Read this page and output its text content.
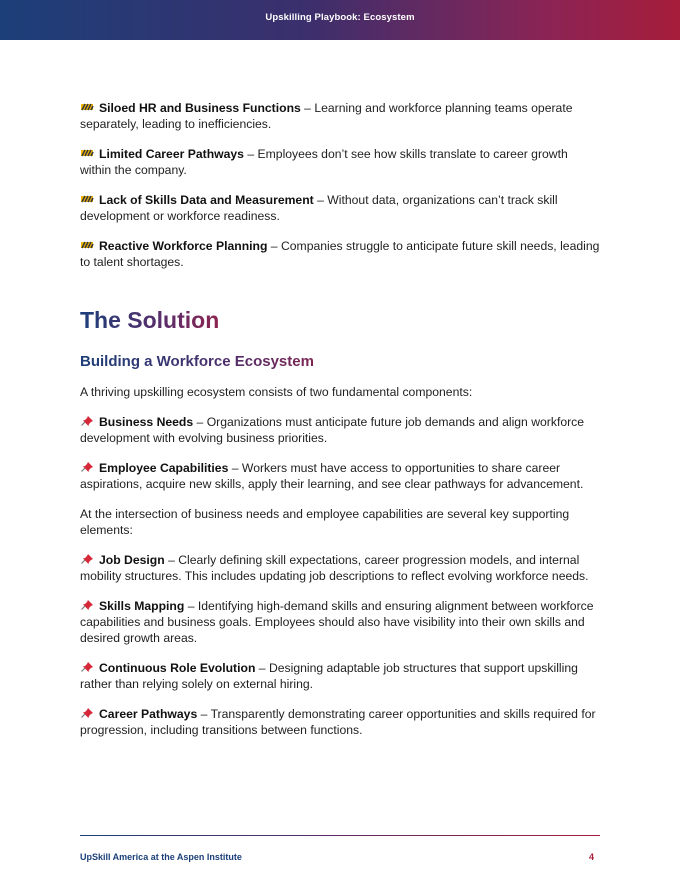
Upskilling Playbook: Ecosystem

Siloed HR and Business Functions – Learning and workforce planning teams operate separately, leading to inefficiencies.

Limited Career Pathways – Employees don’t see how skills translate to career growth within the company.

Lack of Skills Data and Measurement – Without data, organizations can’t track skill development or workforce readiness.

Reactive Workforce Planning – Companies struggle to anticipate future skill needs, leading to talent shortages.

The Solution
Building a Workforce Ecosystem

A thriving upskilling ecosystem consists of two fundamental components:

Business Needs – Organizations must anticipate future job demands and align workforce development with evolving business priorities.

Employee Capabilities – Workers must have access to opportunities to share career aspirations, acquire new skills, apply their learning, and see clear pathways for advancement.

At the intersection of business needs and employee capabilities are several key supporting elements:

Job Design – Clearly defining skill expectations, career progression models, and internal mobility structures. This includes updating job descriptions to reflect evolving workforce needs.

Skills Mapping – Identifying high-demand skills and ensuring alignment between workforce capabilities and business goals. Employees should also have visibility into their own skills and desired growth areas.

Continuous Role Evolution – Designing adaptable job structures that support upskilling rather than relying solely on external hiring.

Career Pathways – Transparently demonstrating career opportunities and skills required for progression, including transitions between functions.

UpSkill America at the Aspen Institute	4
